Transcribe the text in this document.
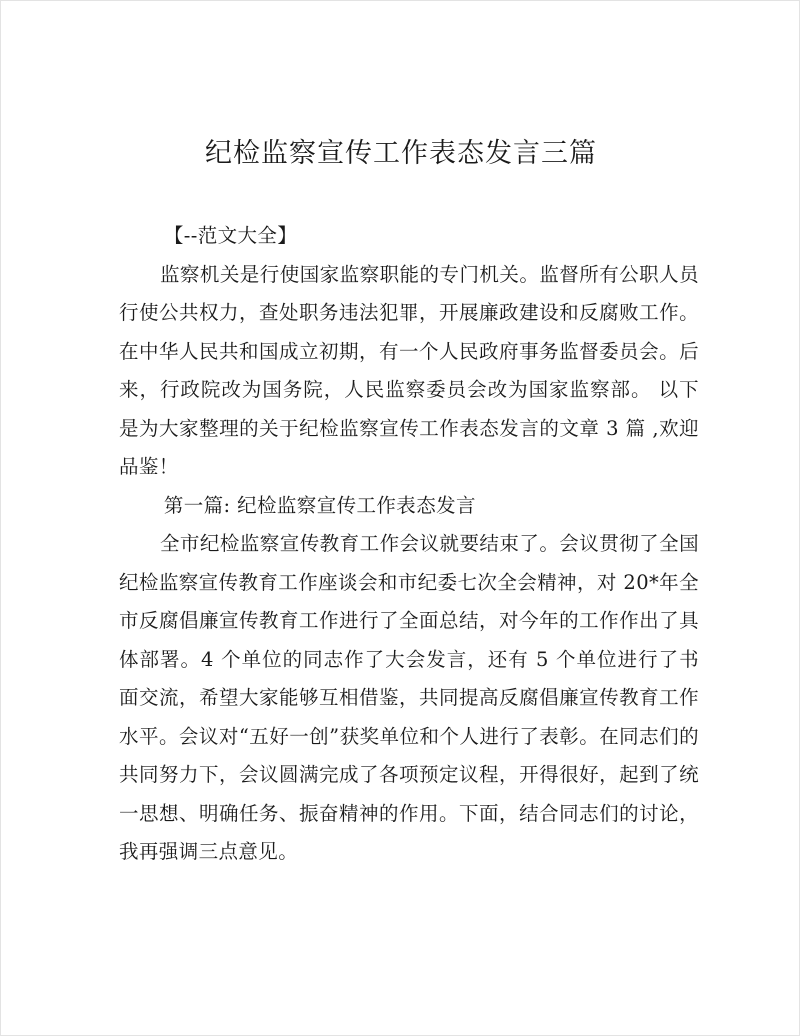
纪检监察宣传工作表态发言三篇

【--范文大全】

监察机关是行使国家监察职能的专门机关。监督所有公职人员行使公共权力，查处职务违法犯罪，开展廉政建设和反腐败工作。在中华人民共和国成立初期，有一个人民政府事务监督委员会。后来，行政院改为国务院，人民监察委员会改为国家监察部。 以下是为大家整理的关于纪检监察宣传工作表态发言的文章 3 篇 ,欢迎品鉴！

第一篇: 纪检监察宣传工作表态发言

全市纪检监察宣传教育工作会议就要结束了。会议贯彻了全国纪检监察宣传教育工作座谈会和市纪委七次全会精神，对 20*年全市反腐倡廉宣传教育工作进行了全面总结，对今年的工作作出了具体部署。4 个单位的同志作了大会发言，还有 5 个单位进行了书面交流，希望大家能够互相借鉴，共同提高反腐倡廉宣传教育工作水平。会议对“五好一创”获奖单位和个人进行了表彰。在同志们的共同努力下，会议圆满完成了各项预定议程，开得很好，起到了统一思想、明确任务、振奋精神的作用。下面，结合同志们的讨论，我再强调三点意见。
